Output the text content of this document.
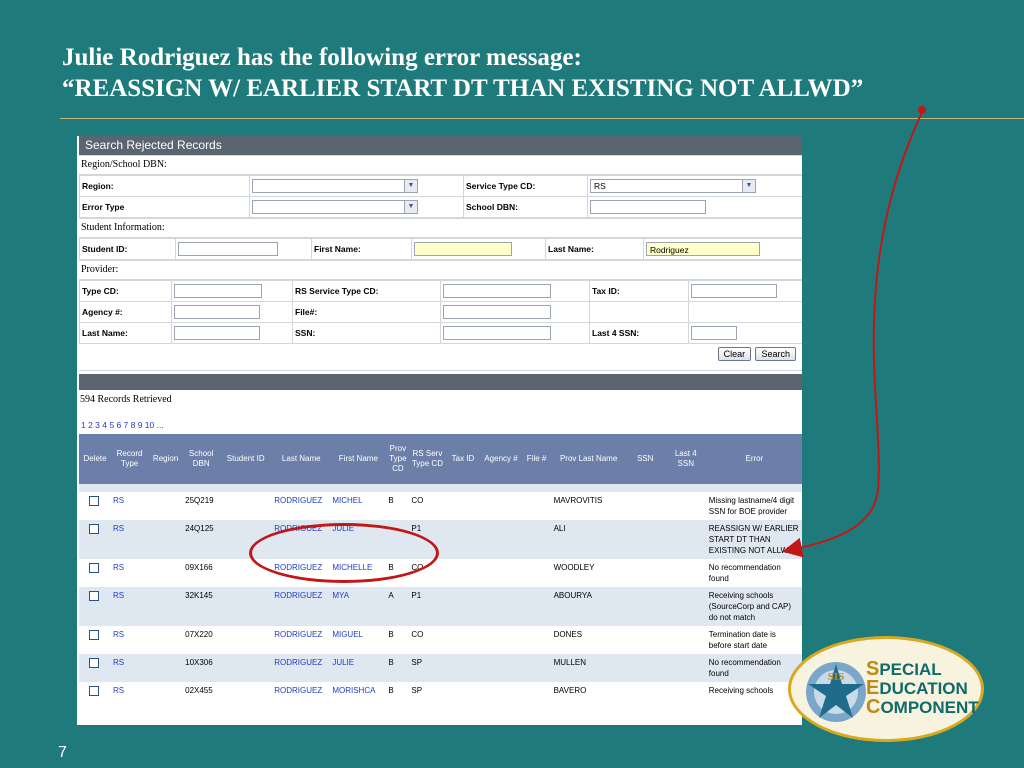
Julie Rodriguez has the following error message:
“REASSIGN W/ EARLIER START DT THAN EXISTING NOT ALLWD”
Search Rejected Records
Region/School DBN:
Region:	▼	Service Type CD:	RS ▼

Error Type	▼	School DBN:	
Student Information:
Student ID:		First Name:		Last Name:	Rodriguez
Provider:
Type CD:		RS Service Type CD:		Tax ID:	
Agency #:		File#:			
Last Name:		SSN:		Last 4 SSN:	
Clear Search
594 Records Retrieved
1 2 3 4 5 6 7 8 9 10 ...
Delete	Record Type	Region	School DBN	Student ID	Last Name	First Name	Prov Type CD	RS Serv Type CD	Tax ID	Agency #	File #	Prov Last Name	SSN	Last 4 SSN	Error

	RS		25Q219		RODRIGUEZ	MICHEL	B	CO				MAVROVITIS			Missing lastname/4 digit SSN for BOE provider
	RS		24Q125		RODRIGUEZ	JULIE		P1				ALI			REASSIGN W/ EARLIER START DT THAN EXISTING NOT ALLWD
	RS		09X166		RODRIGUEZ	MICHELLE	B	CO				WOODLEY			No recommendation found
	RS		32K145		RODRIGUEZ	MYA	A	P1				ABOURYA			Receiving schools (SourceCorp and CAP) do not match
	RS		07X220		RODRIGUEZ	MIGUEL	B	CO				DONES			Termination date is before start date
	RS		10X306		RODRIGUEZ	JULIE	B	SP				MULLEN			No recommendation found
	RS		02X455		RODRIGUEZ	MORISHCA	B	SP				BAVERO			Receiving schools
SIS SPECIAL
EDUCATION
COMPONENT
7
